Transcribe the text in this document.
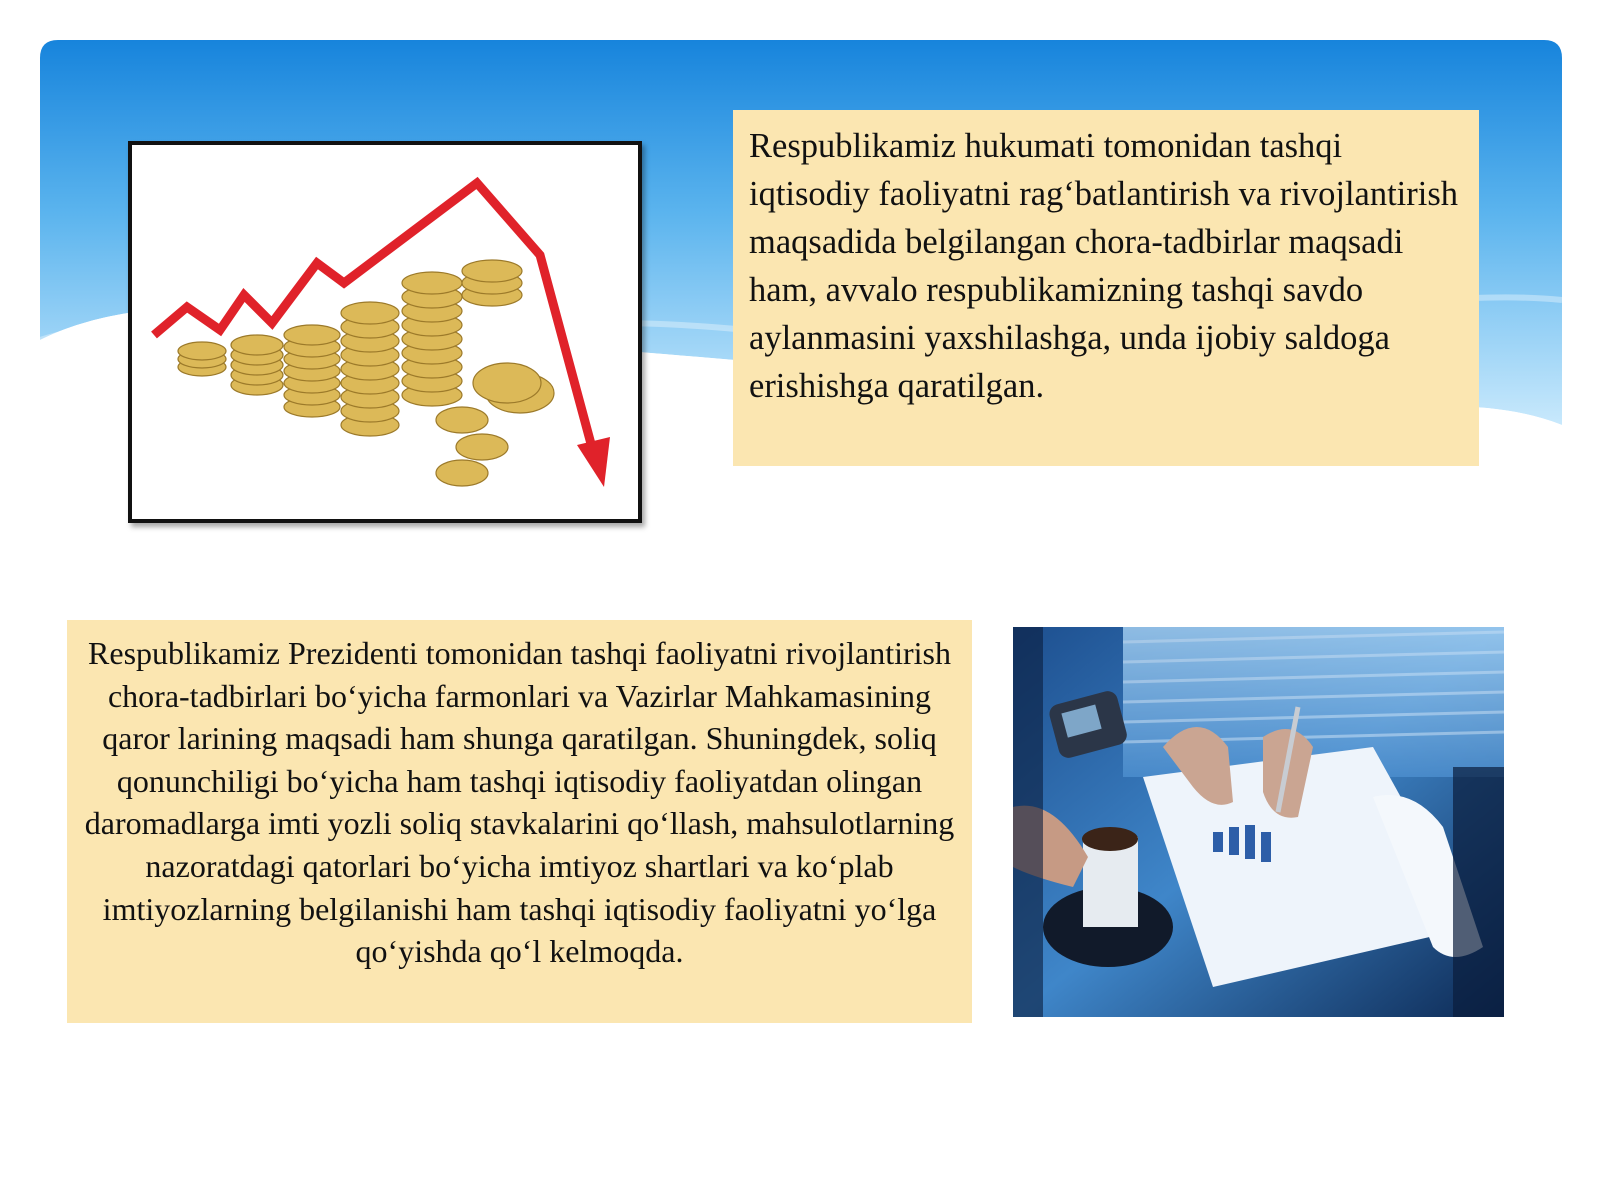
Respublikamiz hukumati tomonidan tashqi iqtisodiy faoliyatni rag‘batlantirish va rivojlantirish maqsadida belgilangan chora-tadbirlar maqsadi ham, avvalo respublikamizning tashqi savdo aylanmasini yaxshilashga, unda ijobiy saldoga erishishga qaratilgan.
Respublikamiz Prezidenti tomonidan tashqi faoliyatni rivojlantirish chora-tadbirlari bo‘yicha farmonlari va Vazirlar Mahkamasining qaror larining maqsadi ham shunga qaratilgan. Shuningdek, soliq qonunchiligi bo‘yicha ham tashqi iqtisodiy faoliyatdan olingan daromadlarga imti yozli soliq stavkalarini qo‘llash, mahsulotlarning nazoratdagi qatorlari bo‘yicha imtiyoz shartlari va ko‘plab imtiyozlarning belgilanishi ham tashqi iqtisodiy faoliyatni yo‘lga qo‘yishda qo‘l kelmoqda.
